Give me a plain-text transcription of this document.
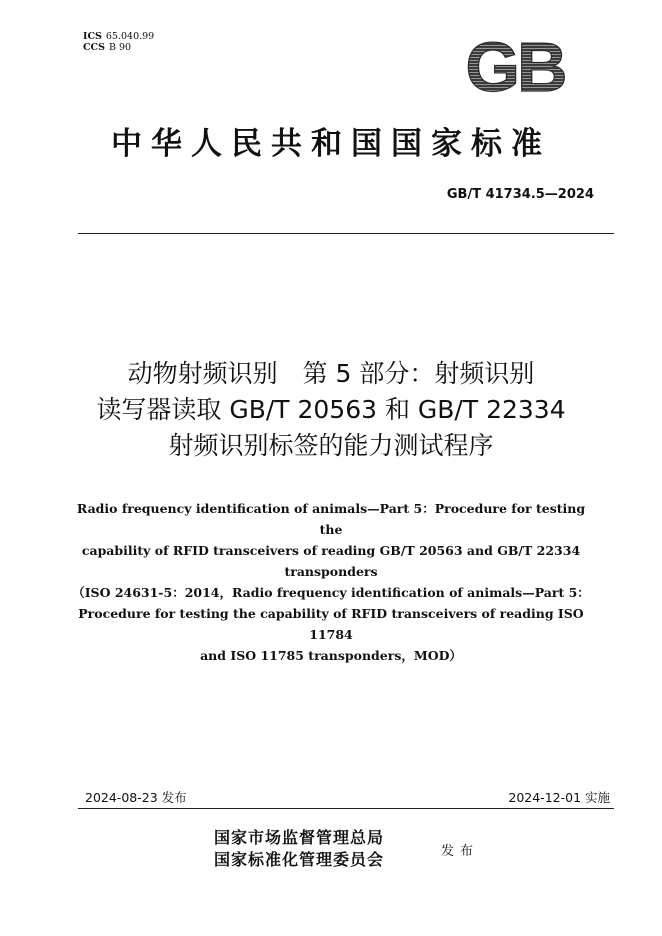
ICS 65.040.99
CCS B 90	GB
中华人民共和国国家标准
GB/T 41734.5—2024
动物射频识别　第 5 部分：射频识别
读写器读取 GB/T 20563 和 GB/T 22334
射频识别标签的能力测试程序
Radio frequency identification of animals—Part 5：Procedure for testing the
capability of RFID transceivers of reading GB/T 20563 and GB/T 22334
transponders
（ISO 24631-5：2014，Radio frequency identification of animals—Part 5：
Procedure for testing the capability of RFID transceivers of reading ISO 11784
and ISO 11785 transponders，MOD）
2024-08-23 发布	2024-12-01 实施
国家市场监督管理总局
国家标准化管理委员会	发布
